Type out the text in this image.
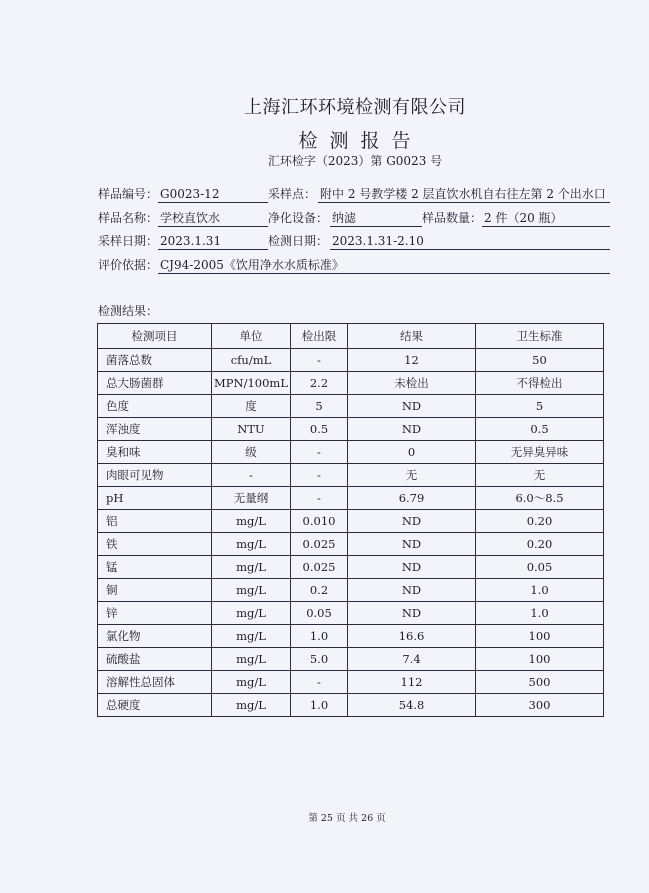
上海汇环环境检测有限公司
检 测 报 告
汇环检字（2023）第 G0023 号
样品编号： G0023-12	采样点： 附中 2 号教学楼 2 层直饮水机自右往左第 2 个出水口
样品名称： 学校直饮水	净化设备： 纳滤	样品数量： 2 件（20 瓶）
采样日期： 2023.1.31	检测日期： 2023.1.31-2.10
评价依据： CJ94-2005《饮用净水水质标准》
检测结果：
检测项目	单位	检出限	结果	卫生标准
菌落总数	cfu/mL	-	12	50
总大肠菌群	MPN/100mL	2.2	未检出	不得检出
色度	度	5	ND	5
浑浊度	NTU	0.5	ND	0.5
臭和味	级	-	0	无异臭异味
肉眼可见物	-	-	无	无
pH	无量纲	-	6.79	6.0～8.5
铝	mg/L	0.010	ND	0.20
铁	mg/L	0.025	ND	0.20
锰	mg/L	0.025	ND	0.05
铜	mg/L	0.2	ND	1.0
锌	mg/L	0.05	ND	1.0
氯化物	mg/L	1.0	16.6	100
硫酸盐	mg/L	5.0	7.4	100
溶解性总固体	mg/L	-	112	500
总硬度	mg/L	1.0	54.8	300
第 25 页 共 26 页
